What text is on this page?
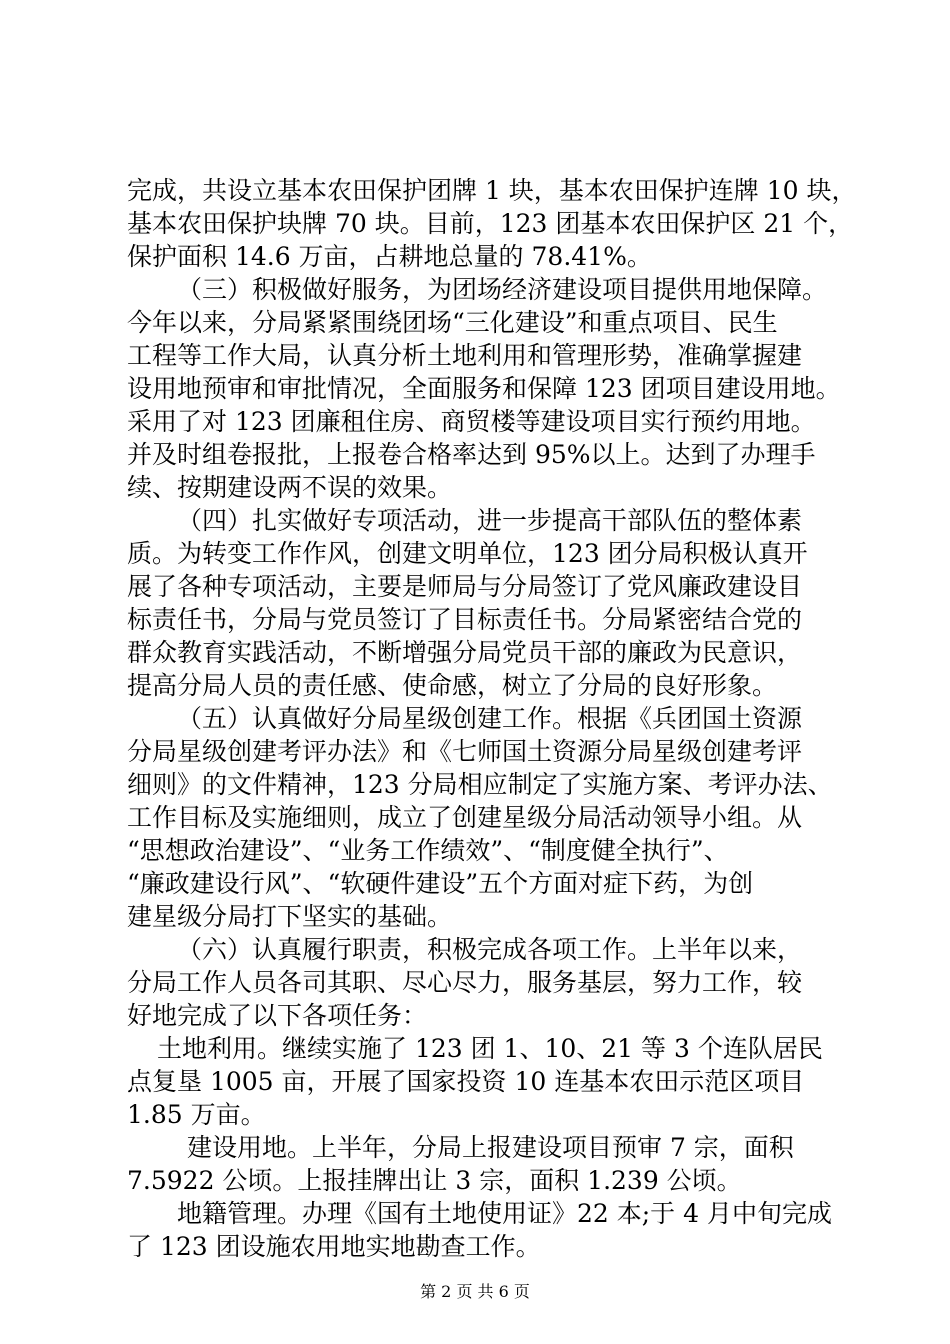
完成，共设立基本农田保护团牌 1 块，基本农田保护连牌 10 块，
基本农田保护块牌 70 块。目前，123 团基本农田保护区 21 个，
保护面积 14.6 万亩，占耕地总量的 78.41%。
（三）积极做好服务，为团场经济建设项目提供用地保障。
今年以来，分局紧紧围绕团场“三化建设”和重点项目、民生
工程等工作大局，认真分析土地利用和管理形势，准确掌握建
设用地预审和审批情况，全面服务和保障 123 团项目建设用地。
采用了对 123 团廉租住房、商贸楼等建设项目实行预约用地。
并及时组卷报批，上报卷合格率达到 95%以上。达到了办理手
续、按期建设两不误的效果。
（四）扎实做好专项活动，进一步提高干部队伍的整体素
质。为转变工作作风，创建文明单位，123 团分局积极认真开
展了各种专项活动，主要是师局与分局签订了党风廉政建设目
标责任书，分局与党员签订了目标责任书。分局紧密结合党的
群众教育实践活动，不断增强分局党员干部的廉政为民意识，
提高分局人员的责任感、使命感，树立了分局的良好形象。
（五）认真做好分局星级创建工作。根据《兵团国土资源
分局星级创建考评办法》和《七师国土资源分局星级创建考评
细则》的文件精神，123 分局相应制定了实施方案、考评办法、
工作目标及实施细则，成立了创建星级分局活动领导小组。从
“思想政治建设”、“业务工作绩效”、“制度健全执行”、
“廉政建设行风”、“软硬件建设”五个方面对症下药，为创
建星级分局打下坚实的基础。
（六）认真履行职责，积极完成各项工作。上半年以来，
分局工作人员各司其职、尽心尽力，服务基层，努力工作，较
好地完成了以下各项任务：
土地利用。继续实施了 123 团 1、10、21 等 3 个连队居民
点复垦 1005 亩，开展了国家投资 10 连基本农田示范区项目
1.85 万亩。
建设用地。上半年，分局上报建设项目预审 7 宗，面积
7.5922 公顷。上报挂牌出让 3 宗，面积 1.239 公顷。
地籍管理。办理《国有土地使用证》22 本;于 4 月中旬完成
了 123 团设施农用地实地勘查工作。
第 2 页 共 6 页
